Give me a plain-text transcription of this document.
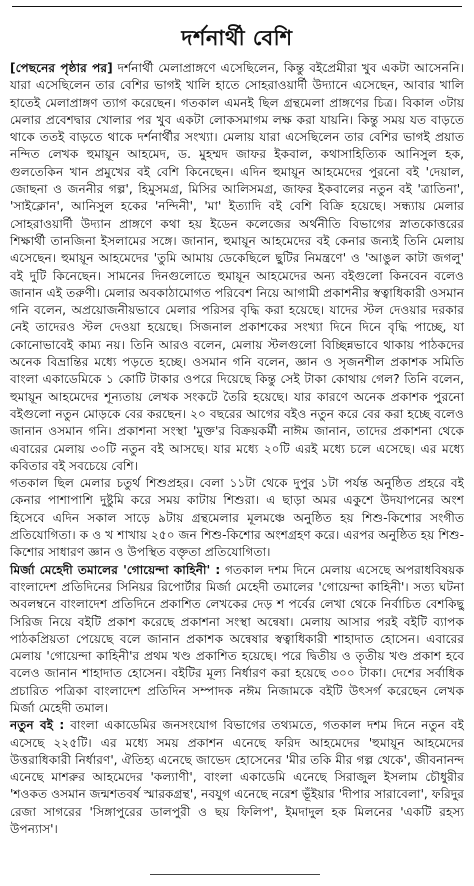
দর্শনার্থী বেশি

[পেছনের পৃষ্ঠার পর] দর্শনার্থী মেলাপ্রাঙ্গণে এসেছিলেন, কিন্তু বইপ্রেমীরা খুব একটা আসেননি। যারা এসেছিলেন তার বেশির ভাগই খালি হাতে সোহরাওয়ার্দী উদ্যানে এসেছেন, আবার খালি হাতেই মেলাপ্রাঙ্গণ ত্যাগ করেছেন। গতকাল এমনই ছিল গ্রন্থমেলা প্রাঙ্গণের চিত্র। বিকাল ৩টায় মেলার প্রবেশদ্বার খোলার পর খুব একটা লোকসমাগম লক্ষ করা যায়নি। কিন্তু সময় যত বাড়তে থাকে ততই বাড়তে থাকে দর্শনার্থীর সংখ্যা। মেলায় যারা এসেছিলেন তার বেশির ভাগই প্রয়াত নন্দিত লেখক হুমায়ূন আহমেদ, ড. মুহম্মদ জাফর ইকবাল, কথাসাহিত্যিক আনিসুল হক, গুলতেকিন খান প্রমুখের বই বেশি কিনেছেন। এদিন হুমায়ূন আহমেদের পুরনো বই 'দেয়াল, জোছনা ও জননীর গল্প', হিমুসমগ্র, মিসির আলিসমগ্র, জাফর ইকবালের নতুন বই 'ত্রাতিনা', 'সাইক্লোন', আনিসুল হকের 'নন্দিনী', 'মা' ইত্যাদি বই বেশি বিক্রি হয়েছে। সন্ধ্যায় মেলার সোহরাওয়ার্দী উদ্যান প্রাঙ্গণে কথা হয় ইডেন কলেজের অর্থনীতি বিভাগের স্নাতকোত্তরের শিক্ষার্থী তানজিনা ইসলামের সঙ্গে। জানান, হুমায়ূন আহমেদের বই কেনার জন্যই তিনি মেলায় এসেছেন। হুমায়ূন আহমেদের 'তুমি আমায় ডেকেছিলে ছুটির নিমন্ত্রণে' ও 'আঙুল কাটা জগলু' বই দুটি কিনেছেন। সামনের দিনগুলোতে হুমায়ূন আহমেদের অন্য বইগুলো কিনবেন বলেও জানান এই তরুণী। মেলার অবকাঠামোগত পরিবেশ নিয়ে আগামী প্রকাশনীর স্বত্বাধিকারী ওসমান গনি বলেন, অপ্রয়োজনীয়ভাবে মেলার পরিসর বৃদ্ধি করা হয়েছে। যাদের স্টল দেওয়ার দরকার নেই তাদেরও স্টল দেওয়া হয়েছে। সিজনাল প্রকাশকের সংখ্যা দিনে দিনে বৃদ্ধি পাচ্ছে, যা কোনোভাবেই কাম্য নয়। তিনি আরও বলেন, মেলায় স্টলগুলো বিচ্ছিন্নভাবে থাকায় পাঠকদের অনেক বিভ্রান্তির মধ্যে পড়তে হচ্ছে। ওসমান গনি বলেন, জ্ঞান ও সৃজনশীল প্রকাশক সমিতি বাংলা একাডেমিকে ১ কোটি টাকার ওপরে দিয়েছে কিন্তু সেই টাকা কোথায় গেল? তিনি বলেন, হুমায়ূন আহমেদের শূন্যতায় লেখক সংকটে তৈরি হয়েছে। যার কারণে অনেক প্রকাশক পুরনো বইগুলো নতুন মোড়কে বের করছেন। ২০ বছরের আগের বইও নতুন করে বের করা হচ্ছে বলেও জানান ওসমান গনি। প্রকাশনা সংস্থা 'মুক্ত'র বিক্রয়কর্মী নাঈম জানান, তাদের প্রকাশনা থেকে এবারের মেলায় ৩০টি নতুন বই আসছে। যার মধ্যে ২০টি এরই মধ্যে চলে এসেছে। এর মধ্যে কবিতার বই সবচেয়ে বেশি।

গতকাল ছিল মেলার চতুর্থ শিশুপ্রহর। বেলা ১১টা থেকে দুপুর ১টা পর্যন্ত অনুষ্ঠিত প্রহরে বই কেনার পাশাপাশি দুষ্টুমি করে সময় কাটায় শিশুরা। এ ছাড়া অমর একুশে উদযাপনের অংশ হিসেবে এদিন সকাল সাড়ে ৯টায় গ্রন্থমেলার মূলমঞ্চে অনুষ্ঠিত হয় শিশু-কিশোর সংগীত প্রতিযোগিতা। ক ও খ শাখায় ২৫০ জন শিশু-কিশোর অংশগ্রহণ করে। এরপর অনুষ্ঠিত হয় শিশু-কিশোর সাধারণ জ্ঞান ও উপস্থিত বক্তৃতা প্রতিযোগিতা।

মির্জা মেহেদী তমালের 'গোয়েন্দা কাহিনী' : গতকাল দশম দিনে মেলায় এসেছে অপরাধবিষয়ক বাংলাদেশ প্রতিদিনের সিনিয়র রিপোর্টার মির্জা মেহেদী তমালের 'গোয়েন্দা কাহিনী'। সত্য ঘটনা অবলম্বনে বাংলাদেশ প্রতিদিনে প্রকাশিত লেখকের দেড় শ পর্বের লেখা থেকে নির্বাচিত বেশকিছু সিরিজ নিয়ে বইটি প্রকাশ করেছে প্রকাশনা সংস্থা অন্বেষা। মেলায় আসার পরই বইটি ব্যাপক পাঠকপ্রিয়তা পেয়েছে বলে জানান প্রকাশক অন্বেষার স্বত্বাধিকারী শাহাদাত হোসেন। এবারের মেলায় 'গোয়েন্দা কাহিনী'র প্রথম খণ্ড প্রকাশিত হয়েছে। পরে দ্বিতীয় ও তৃতীয় খণ্ড প্রকাশ হবে বলেও জানান শাহাদাত হোসেন। বইটির মূল্য নির্ধারণ করা হয়েছে ৩০০ টাকা। দেশের সর্বাধিক প্রচারিত পত্রিকা বাংলাদেশ প্রতিদিন সম্পাদক নঈম নিজামকে বইটি উৎসর্গ করেছেন লেখক মির্জা মেহেদী তমাল।

নতুন বই : বাংলা একাডেমির জনসংযোগ বিভাগের তথ্যমতে, গতকাল দশম দিনে নতুন বই এসেছে ২২৫টি। এর মধ্যে সময় প্রকাশন এনেছে ফরিদ আহমেদের 'হুমায়ূন আহমেদের উত্তরাধিকারী নির্ধারণ', ঐতিহ্য এনেছে জাভেদ হোসেনের 'মীর তকি মীর গল্প থেকে', জীবনানন্দ এনেছে মাশরুর আহমেদের 'কল্যাণী', বাংলা একাডেমি এনেছে সিরাজুল ইসলাম চৌধুরীর 'শওকত ওসমান জন্মশতবর্ষ স্মারকগ্রন্থ', নবযুগ এনেছে নরেশ ভূঁইয়ার 'দীপার সারাবেলা', ফরিদুর রেজা সাগরের 'সিঙ্গাপুরের ডালপুরী ও ছয় ফিলিপ', ইমদাদুল হক মিলনের 'একটি রহস্য উপন্যাস'।
